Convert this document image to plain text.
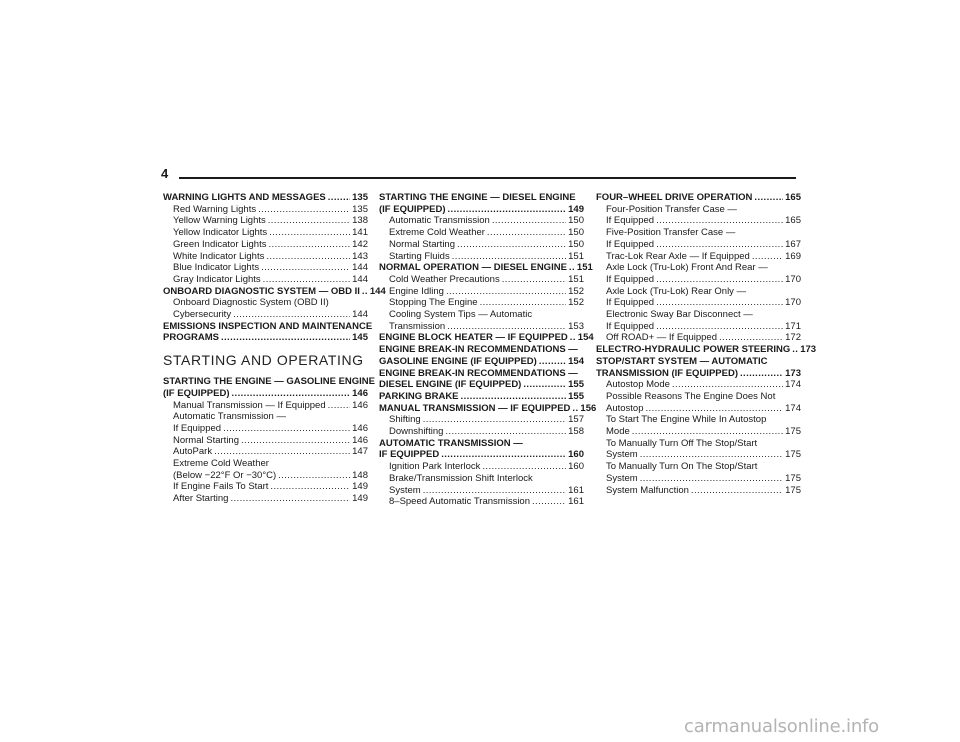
4
WARNING LIGHTS AND MESSAGES .....	135
Red Warning Lights .....	135
Yellow Warning Lights .....	138
Yellow Indicator Lights .....	141
Green Indicator Lights .....	142
White Indicator Lights .....	143
Blue Indicator Lights .....	144
Gray Indicator Lights .....	144
ONBOARD DIAGNOSTIC SYSTEM — OBD II ..... 144
Onboard Diagnostic System (OBD II)
Cybersecurity .....	144
EMISSIONS INSPECTION AND MAINTENANCE
PROGRAMS .....	145
STARTING AND OPERATING
STARTING THE ENGINE — GASOLINE ENGINE
(IF EQUIPPED) .....	146
Manual Transmission — If Equipped .....	146
Automatic Transmission —
If Equipped .....	146
Normal Starting .....	146
AutoPark .....	147
Extreme Cold Weather
(Below −22°F Or −30°C) .....	148
If Engine Fails To Start .....	149
After Starting .....	149
STARTING THE ENGINE — DIESEL ENGINE
(IF EQUIPPED) .....	149
Automatic Transmission .....	150
Extreme Cold Weather .....	150
Normal Starting .....	150
Starting Fluids .....	151
NORMAL OPERATION — DIESEL ENGINE ..... 151
Cold Weather Precautions .....	151
Engine Idling .....	152
Stopping The Engine .....	152
Cooling System Tips — Automatic
Transmission .....	153
ENGINE BLOCK HEATER — IF EQUIPPED ..... 154
ENGINE BREAK-IN RECOMMENDATIONS —
GASOLINE ENGINE (IF EQUIPPED) .....	154
ENGINE BREAK-IN RECOMMENDATIONS —
DIESEL ENGINE (IF EQUIPPED) .....	155
PARKING BRAKE .....	155
MANUAL TRANSMISSION — IF EQUIPPED ..... 156
Shifting .....	157
Downshifting .....	158
AUTOMATIC TRANSMISSION —
IF EQUIPPED .....	160
Ignition Park Interlock .....	160
Brake/Transmission Shift Interlock
System .....	161
8–Speed Automatic Transmission .....	161
FOUR–WHEEL DRIVE OPERATION .....	165
Four-Position Transfer Case —
If Equipped .....	165
Five-Position Transfer Case —
If Equipped .....	167
Trac-Lok Rear Axle — If Equipped .....	169
Axle Lock (Tru-Lok) Front And Rear —
If Equipped .....	170
Axle Lock (Tru-Lok) Rear Only —
If Equipped .....	170
Electronic Sway Bar Disconnect —
If Equipped .....	171
Off ROAD+ — If Equipped .....	172
ELECTRO-HYDRAULIC POWER STEERING ..... 173
STOP/START SYSTEM — AUTOMATIC
TRANSMISSION (IF EQUIPPED) .....	173
Autostop Mode .....	174
Possible Reasons The Engine Does Not
Autostop .....	174
To Start The Engine While In Autostop
Mode .....	175
To Manually Turn Off The Stop/Start
System .....	175
To Manually Turn On The Stop/Start
System .....	175
System Malfunction .....	175
carmanualsonline.info
